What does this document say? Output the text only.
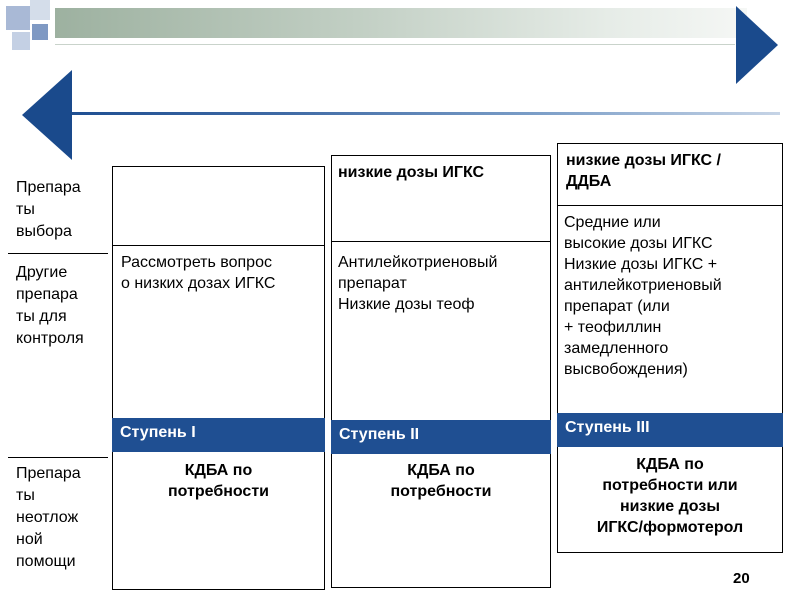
Препара
ты
выбора
Другие
препара
ты для
контроля
Препара
ты
неотлож
ной
помощи
Рассмотреть вопрос
о низких дозах ИГКС
Ступень I
КДБА по
потребности
низкие дозы ИГКС
Антилейкотриеновый
препарат
Низкие дозы теоф
Ступень II
КДБА по
потребности
низкие дозы ИГКС /
ДДБА
Средние или
высокие дозы ИГКС
Низкие дозы ИГКС +
антилейкотриеновый
препарат (или
+ теофиллин
замедленного
высвобождения)
Ступень III
КДБА по
потребности или
низкие дозы
ИГКС/формотерол
20
